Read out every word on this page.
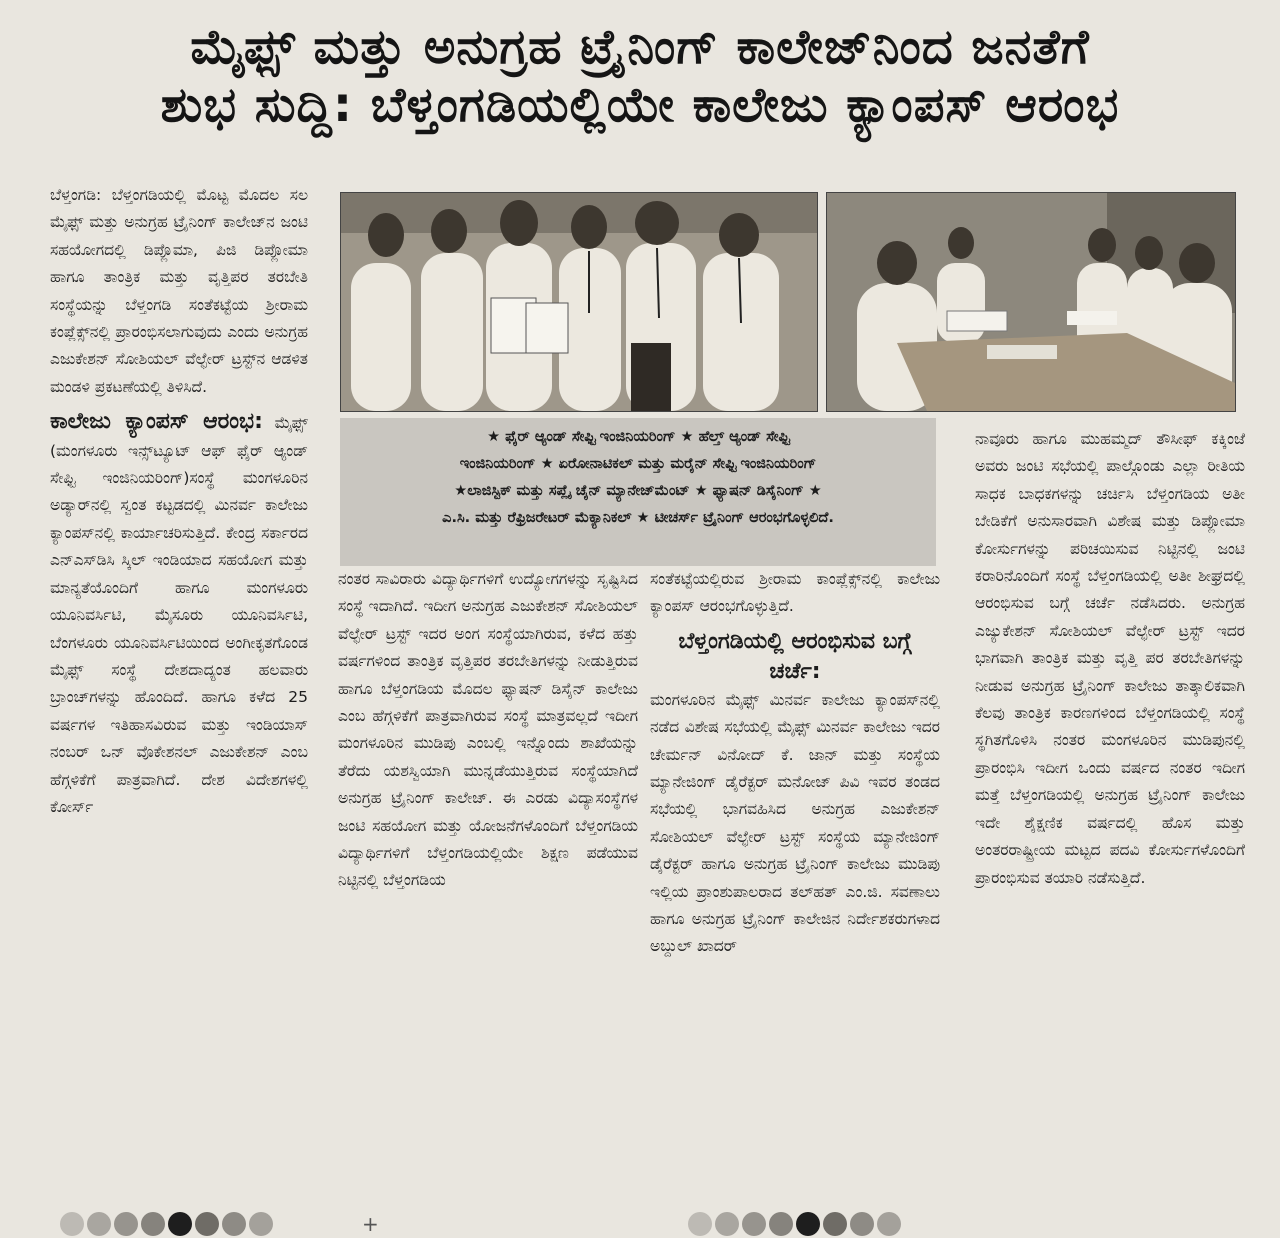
ಮೈಫ್ಸ್ ಮತ್ತು ಅನುಗ್ರಹ ಟ್ರೈನಿಂಗ್ ಕಾಲೇಜ್‌ನಿಂದ ಜನತೆಗೆ
ಶುಭ ಸುದ್ದಿ: ಬೆಳ್ತಂಗಡಿಯಲ್ಲಿಯೇ ಕಾಲೇಜು ಕ್ಯಾಂಪಸ್ ಆರಂಭ

ಬೆಳ್ತಂಗಡಿ: ಬೆಳ್ತಂಗಡಿಯಲ್ಲಿ ಮೊಟ್ಟ ಮೊದಲ ಸಲ ಮೈಫ್ಸ್ ಮತ್ತು ಅನುಗ್ರಹ ಟ್ರೈನಿಂಗ್ ಕಾಲೇಜ್‌ನ ಜಂಟಿ ಸಹಯೋಗದಲ್ಲಿ ಡಿಪ್ಲೊಮಾ, ಪಿಜಿ ಡಿಪ್ಲೋಮಾ ಹಾಗೂ ತಾಂತ್ರಿಕ ಮತ್ತು ವೃತ್ತಿಪರ ತರಬೇತಿ ಸಂಸ್ಥೆಯನ್ನು ಬೆಳ್ತಂಗಡಿ ಸಂತೆಕಟ್ಟೆಯ ಶ್ರೀರಾಮ ಕಂಪ್ಲೆಕ್ಸ್‌ನಲ್ಲಿ ಪ್ರಾರಂಭಿಸಲಾಗುವುದು ಎಂದು ಅನುಗ್ರಹ ಎಜುಕೇಶನ್ ಸೋಶಿಯಲ್ ವೆಲ್ಫೇರ್ ಟ್ರಸ್ಟ್‌ನ ಆಡಳಿತ ಮಂಡಳಿ ಪ್ರಕಟಣೆಯಲ್ಲಿ ತಿಳಿಸಿದೆ.

ಕಾಲೇಜು ಕ್ಯಾಂಪಸ್ ಆರಂಭ: ಮೈಫ್ಸ್ (ಮಂಗಳೂರು ಇನ್ಸ್‌ಟ್ಯೂಟ್ ಆಫ್ ಫೈರ್ ಆ್ಯಂಡ್ ಸೇಫ್ಟಿ ಇಂಜಿನಿಯರಿಂಗ್)ಸಂಸ್ಥೆ ಮಂಗಳೂರಿನ ಅಡ್ಯಾರ್‌ನಲ್ಲಿ ಸ್ವಂತ ಕಟ್ಟಡದಲ್ಲಿ ಮಿನರ್ವ ಕಾಲೇಜು ಕ್ಯಾಂಪಸ್‌ನಲ್ಲಿ ಕಾರ್ಯಾಚರಿಸುತ್ತಿದೆ. ಕೇಂದ್ರ ಸರ್ಕಾರದ ಎನ್‌ಎಸ್‌ಡಿಸಿ ಸ್ಕಿಲ್ ಇಂಡಿಯಾದ ಸಹಯೋಗ ಮತ್ತು ಮಾನ್ಯತೆಯೊಂದಿಗೆ ಹಾಗೂ ಮಂಗಳೂರು ಯೂನಿವರ್ಸಿಟಿ, ಮೈಸೂರು ಯೂನಿವರ್ಸಿಟಿ, ಬೆಂಗಳೂರು ಯೂನಿವರ್ಸಿಟಿಯಿಂದ ಅಂಗೀಕೃತಗೊಂಡ ಮೈಫ್ಸ್ ಸಂಸ್ಥೆ ದೇಶದಾದ್ಯಂತ ಹಲವಾರು ಬ್ರಾಂಚ್‌ಗಳನ್ನು ಹೊಂದಿದೆ. ಹಾಗೂ ಕಳೆದ 25 ವರ್ಷಗಳ ಇತಿಹಾಸವಿರುವ ಮತ್ತು ಇಂಡಿಯಾಸ್ ನಂಬರ್ ಒನ್ ವೊಕೇಶನಲ್ ಎಜುಕೇಶನ್ ಎಂಬ ಹೆಗ್ಗಳಿಕೆಗೆ ಪಾತ್ರವಾಗಿದೆ. ದೇಶ ವಿದೇಶಗಳಲ್ಲಿ ಕೋರ್ಸ್

★ ಫೈರ್ ಆ್ಯಂಡ್ ಸೇಫ್ಟಿ ಇಂಜಿನಿಯರಿಂಗ್ ★ ಹೆಲ್ತ್ ಆ್ಯಂಡ್ ಸೇಫ್ಟಿ
ಇಂಜಿನಿಯರಿಂಗ್ ★ ಏರೋನಾಟಿಕಲ್ ಮತ್ತು ಮರೈನ್ ಸೇಫ್ಟಿ ಇಂಜಿನಿಯರಿಂಗ್
★ಲಾಜಿಸ್ಟಿಕ್ ಮತ್ತು ಸಪ್ಲೈ ಚೈನ್ ಮ್ಯಾನೇಜ್‌ಮೆಂಟ್ ★ ಫ್ಯಾಷನ್ ಡಿಸೈನಿಂಗ್ ★
ಎ.ಸಿ. ಮತ್ತು ರೆಫ್ರಿಜರೇಟರ್ ಮೆಕ್ಯಾನಿಕಲ್ ★ ಟೀಚರ್ಸ್ ಟ್ರೈನಿಂಗ್ ಆರಂಭಗೊಳ್ಳಲಿದೆ.

ನಂತರ ಸಾವಿರಾರು ವಿದ್ಯಾರ್ಥಿಗಳಿಗೆ ಉದ್ಯೋಗಗಳನ್ನು ಸೃಷ್ಟಿಸಿದ ಸಂಸ್ಥೆ ಇದಾಗಿದೆ. ಇದೀಗ ಅನುಗ್ರಹ ಎಜುಕೇಶನ್ ಸೋಶಿಯಲ್ ವೆಲ್ಫೇರ್ ಟ್ರಸ್ಟ್ ಇದರ ಅಂಗ ಸಂಸ್ಥೆಯಾಗಿರುವ, ಕಳೆದ ಹತ್ತು ವರ್ಷಗಳಿಂದ ತಾಂತ್ರಿಕ ವೃತ್ತಿಪರ ತರಬೇತಿಗಳನ್ನು ನೀಡುತ್ತಿರುವ ಹಾಗೂ ಬೆಳ್ತಂಗಡಿಯ ಮೊದಲ ಫ್ಯಾಷನ್ ಡಿಸೈನ್ ಕಾಲೇಜು ಎಂಬ ಹೆಗ್ಗಳಿಕೆಗೆ ಪಾತ್ರವಾಗಿರುವ ಸಂಸ್ಥೆ ಮಾತ್ರವಲ್ಲದೆ ಇದೀಗ ಮಂಗಳೂರಿನ ಮುಡಿಪು ಎಂಬಲ್ಲಿ ಇನ್ನೊಂದು ಶಾಖೆಯನ್ನು ತೆರೆದು ಯಶಸ್ವಿಯಾಗಿ ಮುನ್ನಡೆಯುತ್ತಿರುವ ಸಂಸ್ಥೆಯಾಗಿದೆ ಅನುಗ್ರಹ ಟ್ರೈನಿಂಗ್ ಕಾಲೇಜ್. ಈ ಎರಡು ವಿದ್ಯಾಸಂಸ್ಥೆಗಳ ಜಂಟಿ ಸಹಯೋಗ ಮತ್ತು ಯೋಜನೆಗಳೊಂದಿಗೆ ಬೆಳ್ತಂಗಡಿಯ ವಿದ್ಯಾರ್ಥಿಗಳಿಗೆ ಬೆಳ್ತಂಗಡಿಯಲ್ಲಿಯೇ ಶಿಕ್ಷಣ ಪಡೆಯುವ ನಿಟ್ಟಿನಲ್ಲಿ ಬೆಳ್ತಂಗಡಿಯ

ಸಂತೆಕಟ್ಟೆಯಲ್ಲಿರುವ ಶ್ರೀರಾಮ ಕಾಂಪ್ಲೆಕ್ಸ್‌ನಲ್ಲಿ ಕಾಲೇಜು ಕ್ಯಾಂಪಸ್ ಆರಂಭಗೊಳ್ಳುತ್ತಿದೆ.

ಬೆಳ್ತಂಗಡಿಯಲ್ಲಿ ಆರಂಭಿಸುವ ಬಗ್ಗೆ ಚರ್ಚೆ:

ಮಂಗಳೂರಿನ ಮೈಫ್ಸ್ ಮಿನರ್ವ ಕಾಲೇಜು ಕ್ಯಾಂಪಸ್‌ನಲ್ಲಿ ನಡೆದ ವಿಶೇಷ ಸಭೆಯಲ್ಲಿ ಮೈಫ್ಸ್ ಮಿನರ್ವ ಕಾಲೇಜು ಇದರ ಚೇರ್ಮನ್ ವಿನೋದ್ ಕೆ. ಜಾನ್ ಮತ್ತು ಸಂಸ್ಥೆಯ ಮ್ಯಾನೇಜಿಂಗ್ ಡೈರೆಕ್ಟರ್ ಮನೋಜ್ ಪಿವಿ ಇವರ ತಂಡದ ಸಭೆಯಲ್ಲಿ ಭಾಗವಹಿಸಿದ ಅನುಗ್ರಹ ಎಜುಕೇಶನ್ ಸೋಶಿಯಲ್ ವೆಲ್ಫೇರ್ ಟ್ರಸ್ಟ್ ಸಂಸ್ಥೆಯ ಮ್ಯಾನೇಜಿಂಗ್ ಡೈರೆಕ್ಟರ್ ಹಾಗೂ ಅನುಗ್ರಹ ಟ್ರೈನಿಂಗ್ ಕಾಲೇಜು ಮುಡಿಪು ಇಲ್ಲಿಯ ಪ್ರಾಂಶುಪಾಲರಾದ ತಲ್‌ಹತ್ ಎಂ.ಜಿ. ಸವಣಾಲು ಹಾಗೂ ಅನುಗ್ರಹ ಟ್ರೈನಿಂಗ್ ಕಾಲೇಜಿನ ನಿರ್ದೇಶಕರುಗಳಾದ ಅಬ್ದುಲ್ ಖಾದರ್

ನಾವೂರು ಹಾಗೂ ಮುಹಮ್ಮದ್ ತೌಸೀಫ್ ಕಕ್ಕಿಂಜೆ ಅವರು ಜಂಟಿ ಸಭೆಯಲ್ಲಿ ಪಾಲ್ಗೊಂಡು ಎಲ್ಲಾ ರೀತಿಯ ಸಾಧಕ ಬಾಧಕಗಳನ್ನು ಚರ್ಚಿಸಿ ಬೆಳ್ತಂಗಡಿಯ ಅತೀ ಬೇಡಿಕೆಗೆ ಅನುಸಾರವಾಗಿ ವಿಶೇಷ ಮತ್ತು ಡಿಪ್ಲೋಮಾ ಕೋರ್ಸುಗಳನ್ನು ಪರಿಚಯಿಸುವ ನಿಟ್ಟಿನಲ್ಲಿ ಜಂಟಿ ಕರಾರಿನೊಂದಿಗೆ ಸಂಸ್ಥೆ ಬೆಳ್ತಂಗಡಿಯಲ್ಲಿ ಅತೀ ಶೀಘ್ರದಲ್ಲಿ ಆರಂಭಿಸುವ ಬಗ್ಗೆ ಚರ್ಚೆ ನಡೆಸಿದರು. ಅನುಗ್ರಹ ಎಜ್ಯುಕೇಶನ್ ಸೋಶಿಯಲ್ ವೆಲ್ಫೇರ್ ಟ್ರಸ್ಟ್ ಇದರ ಭಾಗವಾಗಿ ತಾಂತ್ರಿಕ ಮತ್ತು ವೃತ್ತಿ ಪರ ತರಬೇತಿಗಳನ್ನು ನೀಡುವ ಅನುಗ್ರಹ ಟ್ರೈನಿಂಗ್ ಕಾಲೇಜು ತಾತ್ಕಾಲಿಕವಾಗಿ ಕೆಲವು ತಾಂತ್ರಿಕ ಕಾರಣಗಳಿಂದ ಬೆಳ್ತಂಗಡಿಯಲ್ಲಿ ಸಂಸ್ಥೆ ಸ್ಥಗಿತಗೊಳಿಸಿ ನಂತರ ಮಂಗಳೂರಿನ ಮುಡಿಪುನಲ್ಲಿ ಪ್ರಾರಂಭಿಸಿ ಇದೀಗ ಒಂದು ವರ್ಷದ ನಂತರ ಇದೀಗ ಮತ್ತೆ ಬೆಳ್ತಂಗಡಿಯಲ್ಲಿ ಅನುಗ್ರಹ ಟ್ರೈನಿಂಗ್ ಕಾಲೇಜು ಇದೇ ಶೈಕ್ಷಣಿಕ ವರ್ಷದಲ್ಲಿ ಹೊಸ ಮತ್ತು ಅಂತರರಾಷ್ಟ್ರೀಯ ಮಟ್ಟದ ಪದವಿ ಕೋರ್ಸುಗಳೊಂದಿಗೆ ಪ್ರಾರಂಭಿಸುವ ತಯಾರಿ ನಡೆಸುತ್ತಿದೆ.

+
